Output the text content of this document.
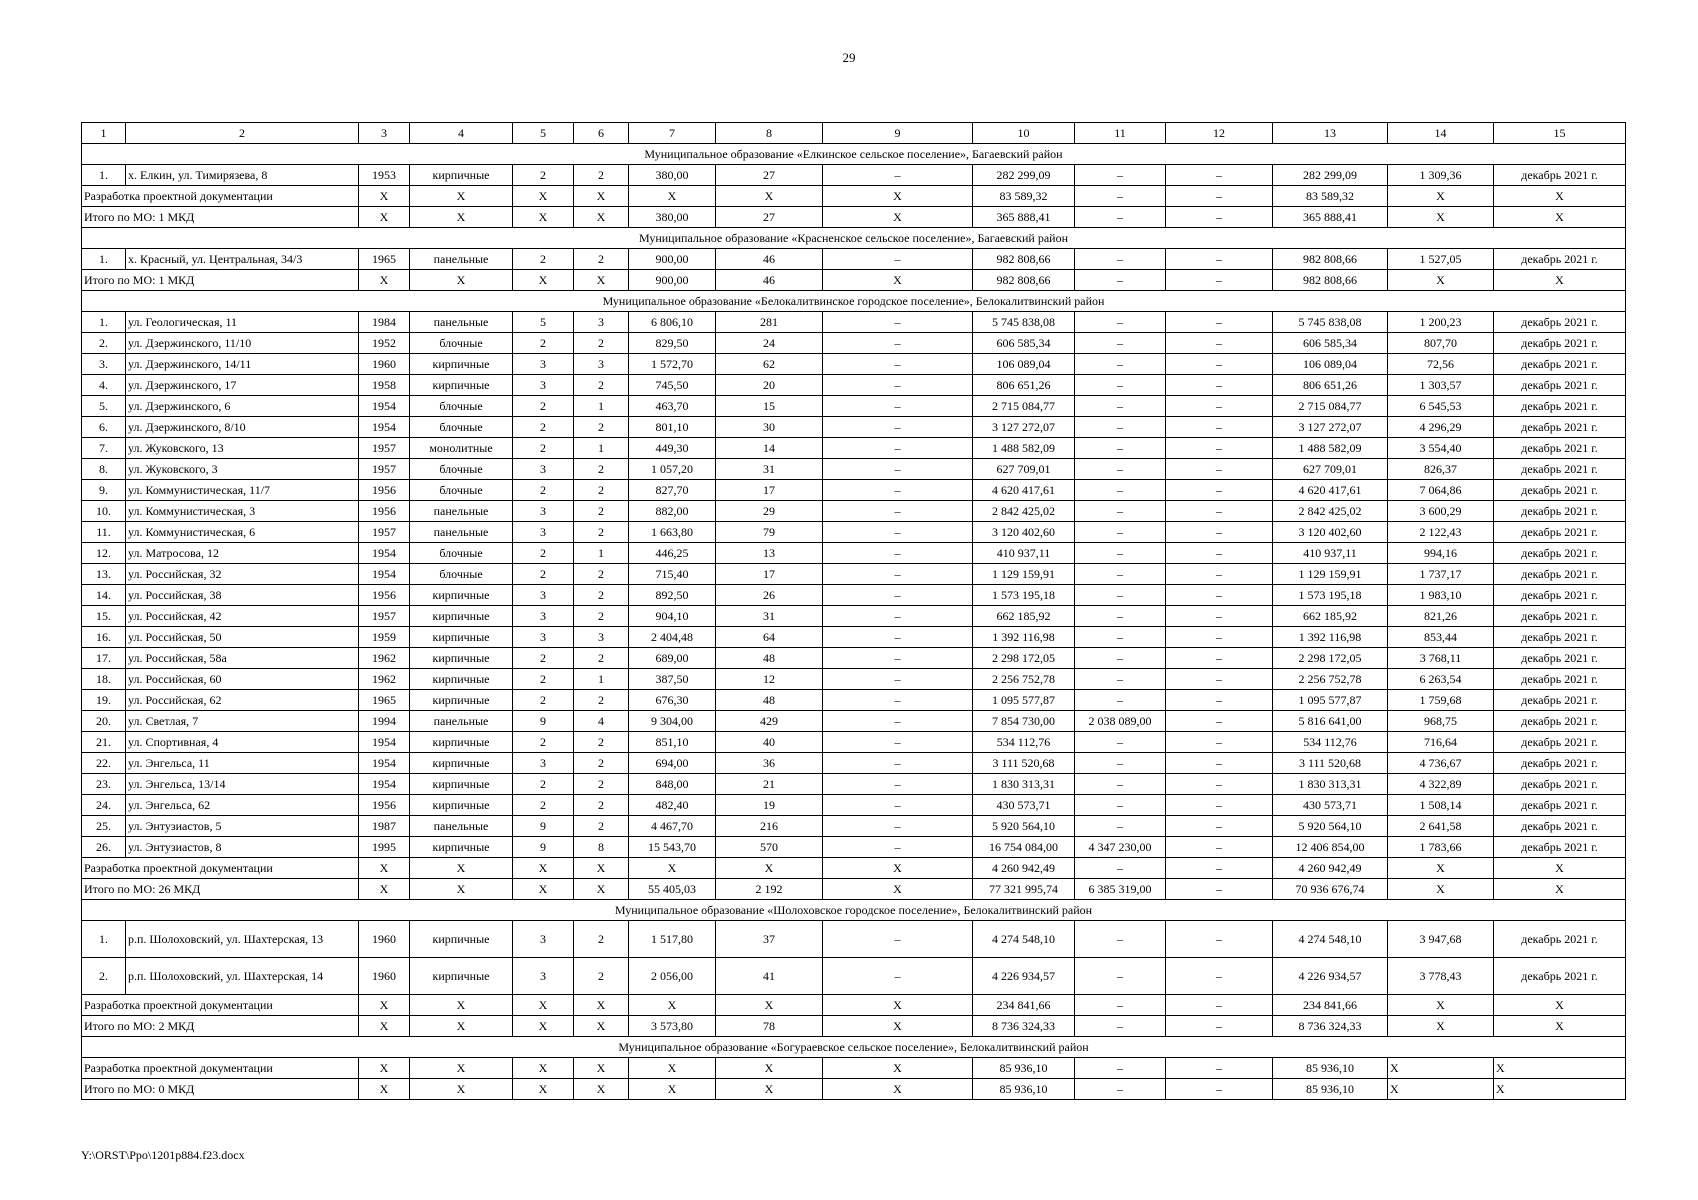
29
1	2	3	4	5	6	7	8	9	10	11	12	13	14	15
Муниципальное образование «Елкинское сельское поселение», Багаевский район														
1.	х. Елкин, ул. Тимирязева, 8	1953	кирпичные	2	2	380,00	27	–	282 299,09	–	–	282 299,09	1 309,36	декабрь 2021 г.
Разработка проектной документации		Х	Х	Х	Х	Х	Х	Х	83 589,32	–	–	83 589,32	Х	Х
Итого по МО: 1 МКД		Х	Х	Х	Х	380,00	27	Х	365 888,41	–	–	365 888,41	Х	Х
Муниципальное образование «Красненское сельское поселение», Багаевский район														
1.	х. Красный, ул. Центральная, 34/3	1965	панельные	2	2	900,00	46	–	982 808,66	–	–	982 808,66	1 527,05	декабрь 2021 г.
Итого по МО: 1 МКД		Х	Х	Х	Х	900,00	46	Х	982 808,66	–	–	982 808,66	Х	Х
Муниципальное образование «Белокалитвинское городское поселение», Белокалитвинский район														
1.	ул. Геологическая, 11	1984	панельные	5	3	6 806,10	281	–	5 745 838,08	–	–	5 745 838,08	1 200,23	декабрь 2021 г.
2.	ул. Дзержинского, 11/10	1952	блочные	2	2	829,50	24	–	606 585,34	–	–	606 585,34	807,70	декабрь 2021 г.
3.	ул. Дзержинского, 14/11	1960	кирпичные	3	3	1 572,70	62	–	106 089,04	–	–	106 089,04	72,56	декабрь 2021 г.
4.	ул. Дзержинского, 17	1958	кирпичные	3	2	745,50	20	–	806 651,26	–	–	806 651,26	1 303,57	декабрь 2021 г.
5.	ул. Дзержинского, 6	1954	блочные	2	1	463,70	15	–	2 715 084,77	–	–	2 715 084,77	6 545,53	декабрь 2021 г.
6.	ул. Дзержинского, 8/10	1954	блочные	2	2	801,10	30	–	3 127 272,07	–	–	3 127 272,07	4 296,29	декабрь 2021 г.
7.	ул. Жуковского, 13	1957	монолитные	2	1	449,30	14	–	1 488 582,09	–	–	1 488 582,09	3 554,40	декабрь 2021 г.
8.	ул. Жуковского, 3	1957	блочные	3	2	1 057,20	31	–	627 709,01	–	–	627 709,01	826,37	декабрь 2021 г.
9.	ул. Коммунистическая, 11/7	1956	блочные	2	2	827,70	17	–	4 620 417,61	–	–	4 620 417,61	7 064,86	декабрь 2021 г.
10.	ул. Коммунистическая, 3	1956	панельные	3	2	882,00	29	–	2 842 425,02	–	–	2 842 425,02	3 600,29	декабрь 2021 г.
11.	ул. Коммунистическая, 6	1957	панельные	3	2	1 663,80	79	–	3 120 402,60	–	–	3 120 402,60	2 122,43	декабрь 2021 г.
12.	ул. Матросова, 12	1954	блочные	2	1	446,25	13	–	410 937,11	–	–	410 937,11	994,16	декабрь 2021 г.
13.	ул. Российская, 32	1954	блочные	2	2	715,40	17	–	1 129 159,91	–	–	1 129 159,91	1 737,17	декабрь 2021 г.
14.	ул. Российская, 38	1956	кирпичные	3	2	892,50	26	–	1 573 195,18	–	–	1 573 195,18	1 983,10	декабрь 2021 г.
15.	ул. Российская, 42	1957	кирпичные	3	2	904,10	31	–	662 185,92	–	–	662 185,92	821,26	декабрь 2021 г.
16.	ул. Российская, 50	1959	кирпичные	3	3	2 404,48	64	–	1 392 116,98	–	–	1 392 116,98	853,44	декабрь 2021 г.
17.	ул. Российская, 58а	1962	кирпичные	2	2	689,00	48	–	2 298 172,05	–	–	2 298 172,05	3 768,11	декабрь 2021 г.
18.	ул. Российская, 60	1962	кирпичные	2	1	387,50	12	–	2 256 752,78	–	–	2 256 752,78	6 263,54	декабрь 2021 г.
19.	ул. Российская, 62	1965	кирпичные	2	2	676,30	48	–	1 095 577,87	–	–	1 095 577,87	1 759,68	декабрь 2021 г.
20.	ул. Светлая, 7	1994	панельные	9	4	9 304,00	429	–	7 854 730,00	2 038 089,00	–	5 816 641,00	968,75	декабрь 2021 г.
21.	ул. Спортивная, 4	1954	кирпичные	2	2	851,10	40	–	534 112,76	–	–	534 112,76	716,64	декабрь 2021 г.
22.	ул. Энгельса, 11	1954	кирпичные	3	2	694,00	36	–	3 111 520,68	–	–	3 111 520,68	4 736,67	декабрь 2021 г.
23.	ул. Энгельса, 13/14	1954	кирпичные	2	2	848,00	21	–	1 830 313,31	–	–	1 830 313,31	4 322,89	декабрь 2021 г.
24.	ул. Энгельса, 62	1956	кирпичные	2	2	482,40	19	–	430 573,71	–	–	430 573,71	1 508,14	декабрь 2021 г.
25.	ул. Энтузиастов, 5	1987	панельные	9	2	4 467,70	216	–	5 920 564,10	–	–	5 920 564,10	2 641,58	декабрь 2021 г.
26.	ул. Энтузиастов, 8	1995	кирпичные	9	8	15 543,70	570	–	16 754 084,00	4 347 230,00	–	12 406 854,00	1 783,66	декабрь 2021 г.
Разработка проектной документации		Х	Х	Х	Х	Х	Х	Х	4 260 942,49	–	–	4 260 942,49	Х	Х
Итого по МО: 26 МКД		Х	Х	Х	Х	55 405,03	2 192	Х	77 321 995,74	6 385 319,00	–	70 936 676,74	Х	Х
Муниципальное образование «Шолоховское городское поселение», Белокалитвинский район														
1.	р.п. Шолоховский, ул. Шахтерская, 13	1960	кирпичные	3	2	1 517,80	37	–	4 274 548,10	–	–	4 274 548,10	3 947,68	декабрь 2021 г.
2.	р.п. Шолоховский, ул. Шахтерская, 14	1960	кирпичные	3	2	2 056,00	41	–	4 226 934,57	–	–	4 226 934,57	3 778,43	декабрь 2021 г.
Разработка проектной документации		Х	Х	Х	Х	Х	Х	Х	234 841,66	–	–	234 841,66	Х	Х
Итого по МО: 2 МКД		Х	Х	Х	Х	3 573,80	78	Х	8 736 324,33	–	–	8 736 324,33	Х	Х
Муниципальное образование «Богураевское сельское поселение», Белокалитвинский район														
Разработка проектной документации		Х	Х	Х	Х	Х	Х	Х	85 936,10	–	–	85 936,10	Х	Х
Итого по МО: 0 МКД		Х	Х	Х	Х	Х	Х	Х	85 936,10	–	–	85 936,10	Х	Х
Y:\ORST\Ppo\1201p884.f23.docx
